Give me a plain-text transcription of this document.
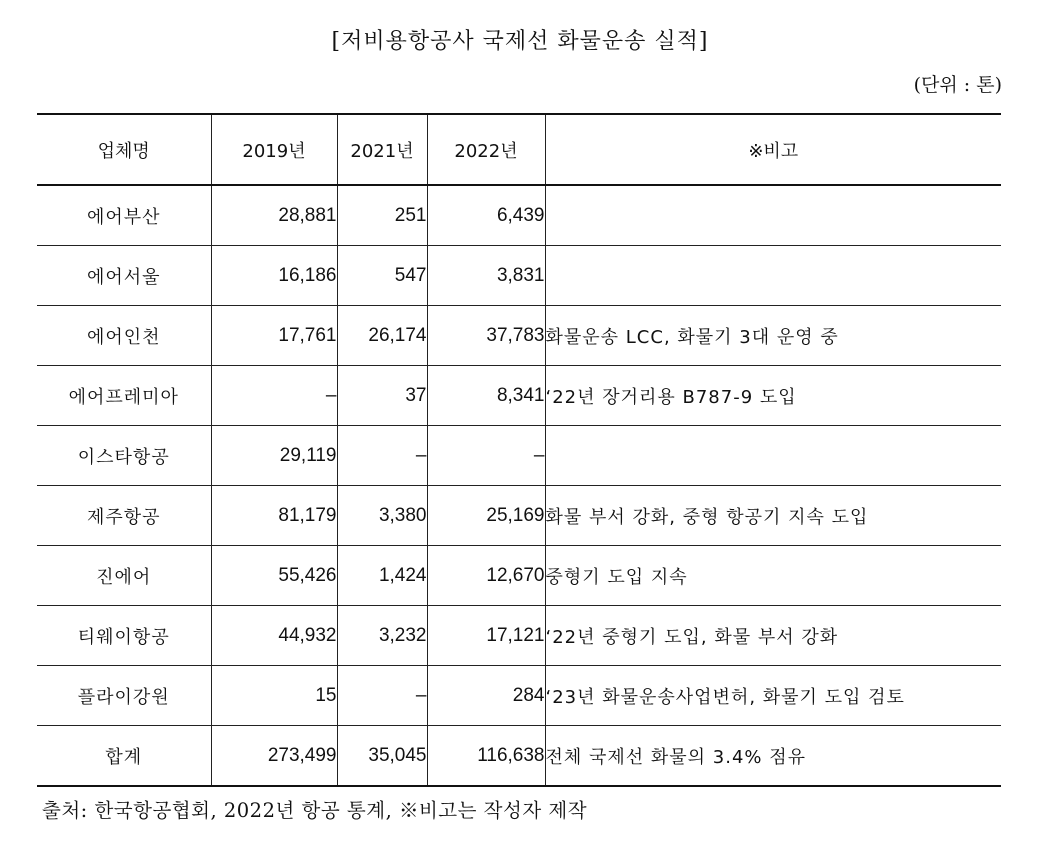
[저비용항공사 국제선 화물운송 실적]
(단위 : 톤)
업체명	2019년	2021년	2022년	※비고
에어부산	28,881	251	6,439	
에어서울	16,186	547	3,831	
에어인천	17,761	26,174	37,783	화물운송 LCC, 화물기 3대 운영 중
에어프레미아	–	37	8,341	‘22년 장거리용 B787-9 도입
이스타항공	29,119	–	–	
제주항공	81,179	3,380	25,169	화물 부서 강화, 중형 항공기 지속 도입
진에어	55,426	1,424	12,670	중형기 도입 지속
티웨이항공	44,932	3,232	17,121	‘22년 중형기 도입, 화물 부서 강화
플라이강원	15	–	284	‘23년 화물운송사업변허, 화물기 도입 검토
합계	273,499	35,045	116,638	전체 국제선 화물의 3.4% 점유
출처: 한국항공협회, 2022년 항공 통계, ※비고는 작성자 제작
